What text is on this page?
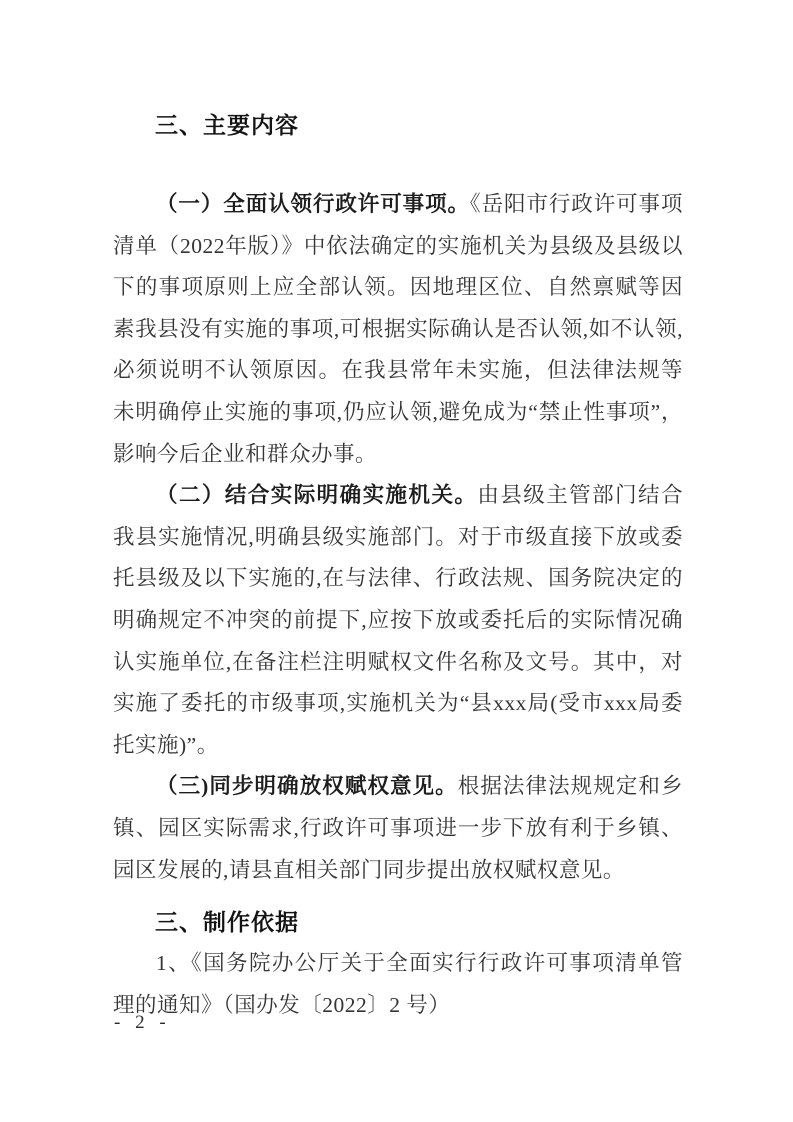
三、主要内容

（一）全面认领行政许可事项。《岳阳市行政许可事项清单（2022年版）》中依法确定的实施机关为县级及县级以下的事项原则上应全部认领。因地理区位、自然禀赋等因素我县没有实施的事项,可根据实际确认是否认领,如不认领,必须说明不认领原因。在我县常年未实施，但法律法规等未明确停止实施的事项,仍应认领,避免成为“禁止性事项”，影响今后企业和群众办事。

（二）结合实际明确实施机关。由县级主管部门结合我县实施情况,明确县级实施部门。对于市级直接下放或委托县级及以下实施的,在与法律、行政法规、国务院决定的明确规定不冲突的前提下,应按下放或委托后的实际情况确认实施单位,在备注栏注明赋权文件名称及文号。其中，对实施了委托的市级事项,实施机关为“县xxx局(受市xxx局委托实施)”。

（三)同步明确放权赋权意见。根据法律法规规定和乡镇、园区实际需求,行政许可事项进一步下放有利于乡镇、园区发展的,请县直相关部门同步提出放权赋权意见。

三、制作依据

1、《国务院办公厅关于全面实行行政许可事项清单管理的通知》（国办发〔2022〕2 号）

- 2 -
